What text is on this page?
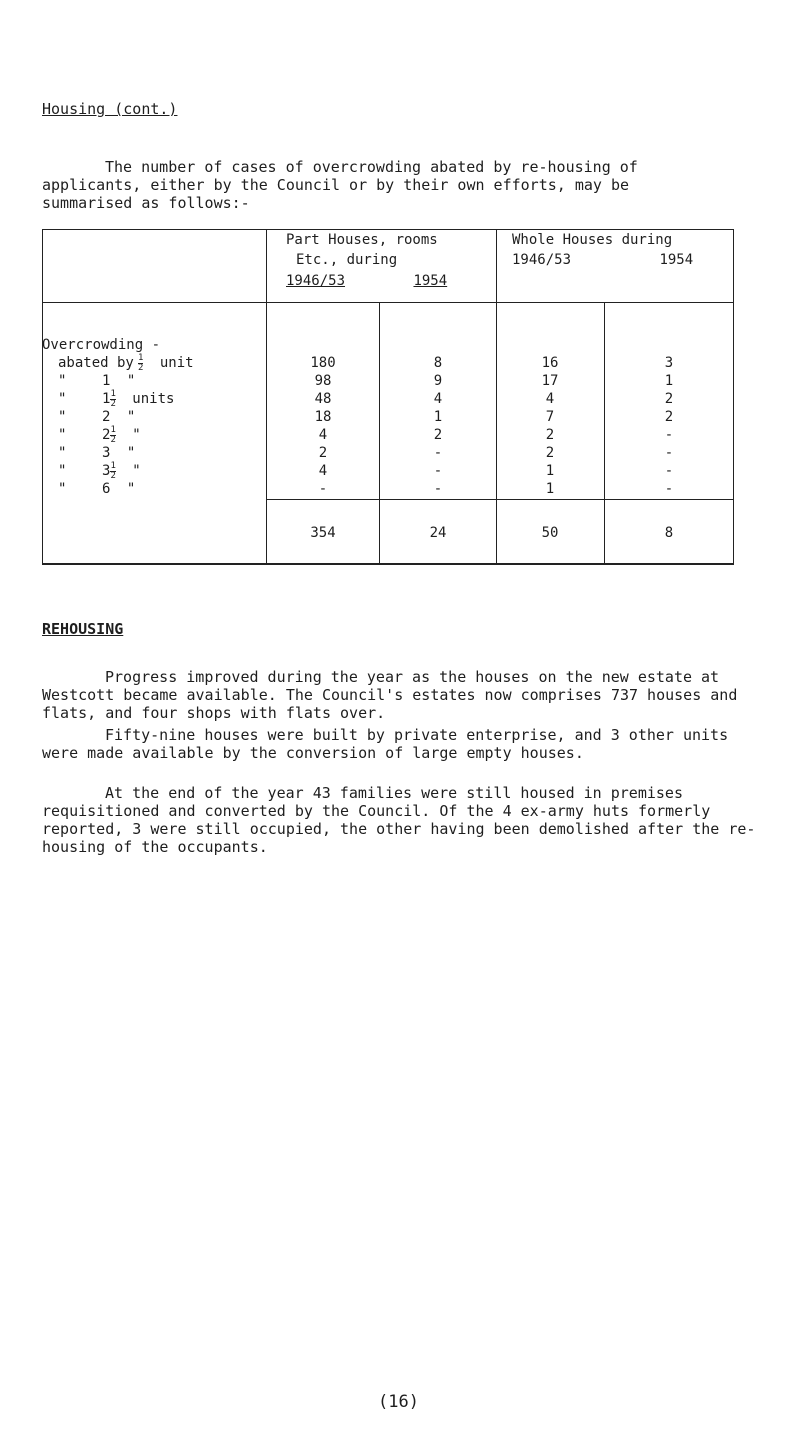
Housing (cont.)
The number of cases of overcrowding abated by re-housing of
applicants, either by the Council or by their own efforts, may be
summarised as follows:-
Part Houses, rooms
Etc., during
1946/53	1954
Whole Houses during
1946/53	1954
Overcrowding -
abated by $\frac{1}{2}$ unit	180	8	16	3
"	1 "	98	9	17	1
"	$1 \frac{1}{2}$ units	48	4	4	2
"	2 "	18	1	7	2
"	$2 \frac{1}{2}$ "	4	2	2	-
"	3 "	2	-	2	-
"	$3 \frac{1}{2}$ "	4	-	1	-
"	6 "	-	-	1	-
354	24	50	8
REHOUSING
Progress improved during the year as the houses on the new estate at Westcott became available. The Council's estates now comprises 737 houses and flats, and four shops with flats over.
Fifty-nine houses were built by private enterprise, and 3 other units were made available by the conversion of large empty houses.
At the end of the year 43 families were still housed in premises requisitioned and converted by the Council. Of the 4 ex-army huts formerly reported, 3 were still occupied, the other having been demolished after the re-housing of the occupants.
(16)
